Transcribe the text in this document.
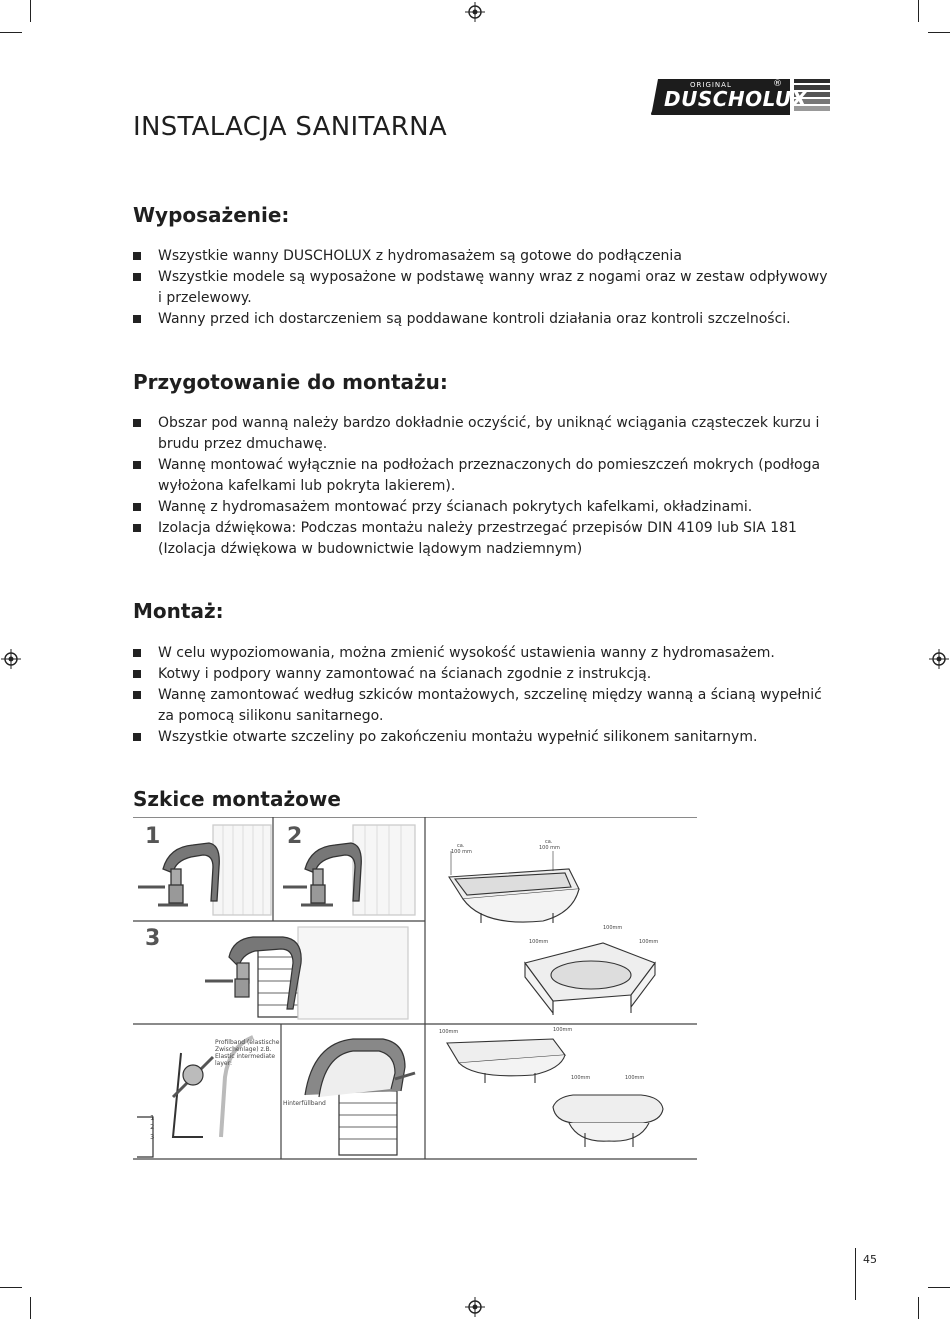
ORIGINAL
DUSCHOLUX
®
INSTALACJA SANITARNA
Wyposażenie:
Wszystkie wanny DUSCHOLUX z hydromasażem są gotowe do podłączenia
Wszystkie modele są wyposażone w podstawę wanny wraz z nogami oraz w zestaw odpływowy i przelewowy.
Wanny przed ich dostarczeniem są poddawane kontroli działania oraz kontroli szczelności.
Przygotowanie do montażu:
Obszar pod wanną należy bardzo dokładnie oczyścić, by uniknąć wciągania cząsteczek kurzu i brudu przez dmuchawę.
Wannę montować wyłącznie na podłożach przeznaczonych do pomieszczeń mokrych (podłoga wyłożona kafelkami lub pokryta lakierem).
Wannę z hydromasażem montować przy ścianach pokrytych kafelkami, okładzinami.
Izolacja dźwiękowa: Podczas montażu należy przestrzegać przepisów DIN 4109 lub SIA 181 (Izolacja dźwiękowa w budownictwie lądowym nadziemnym)
Montaż:
W celu wypoziomowania, można zmienić wysokość ustawienia wanny z hydromasażem.
Kotwy i podpory wanny zamontować na ścianach zgodnie z instrukcją.
Wannę zamontować według szkiców montażowych, szczelinę między wanną a ścianą wypełnić za pomocą silikonu sanitarnego.
Wszystkie otwarte szczeliny po zakończeniu montażu wypełnić silikonem sanitarnym.
Szkice montażowe
1	2
3
Profilband (elastische
Zwischenlage) z.B.
Elastic intermediate
layer:
1
2
3
Hinterfüllband
ca.
100 mm
ca.
100 mm
100mm
100mm
100mm
100mm	100mm
100mm	100mm
45
